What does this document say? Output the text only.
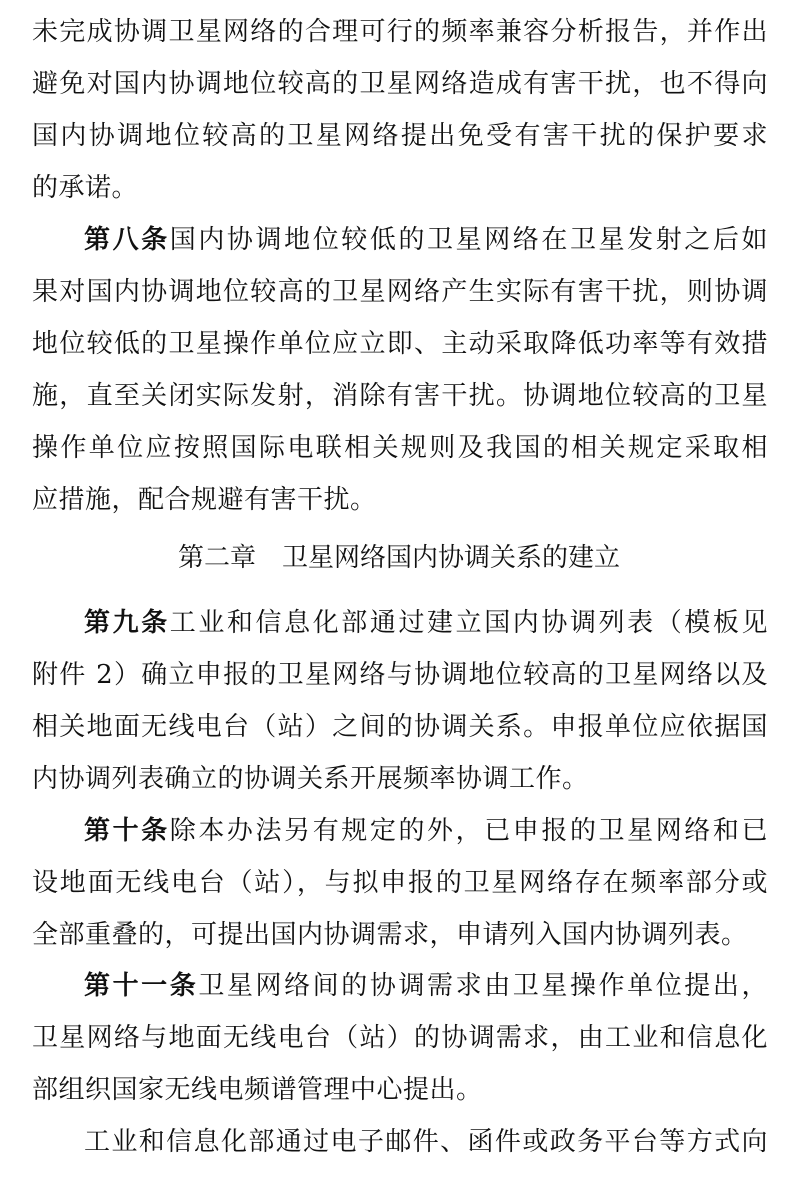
未完成协调卫星网络的合理可行的频率兼容分析报告，并作出
避免对国内协调地位较高的卫星网络造成有害干扰，也不得向
国内协调地位较高的卫星网络提出免受有害干扰的保护要求
的承诺。
第八条国内协调地位较低的卫星网络在卫星发射之后如
果对国内协调地位较高的卫星网络产生实际有害干扰，则协调
地位较低的卫星操作单位应立即、主动采取降低功率等有效措
施，直至关闭实际发射，消除有害干扰。协调地位较高的卫星
操作单位应按照国际电联相关规则及我国的相关规定采取相
应措施，配合规避有害干扰。
第二章　卫星网络国内协调关系的建立
第九条工业和信息化部通过建立国内协调列表（模板见
附件 2）确立申报的卫星网络与协调地位较高的卫星网络以及
相关地面无线电台（站）之间的协调关系。申报单位应依据国
内协调列表确立的协调关系开展频率协调工作。
第十条除本办法另有规定的外，已申报的卫星网络和已
设地面无线电台（站），与拟申报的卫星网络存在频率部分或
全部重叠的，可提出国内协调需求，申请列入国内协调列表。
第十一条卫星网络间的协调需求由卫星操作单位提出，
卫星网络与地面无线电台（站）的协调需求，由工业和信息化
部组织国家无线电频谱管理中心提出。
工业和信息化部通过电子邮件、函件或政务平台等方式向
